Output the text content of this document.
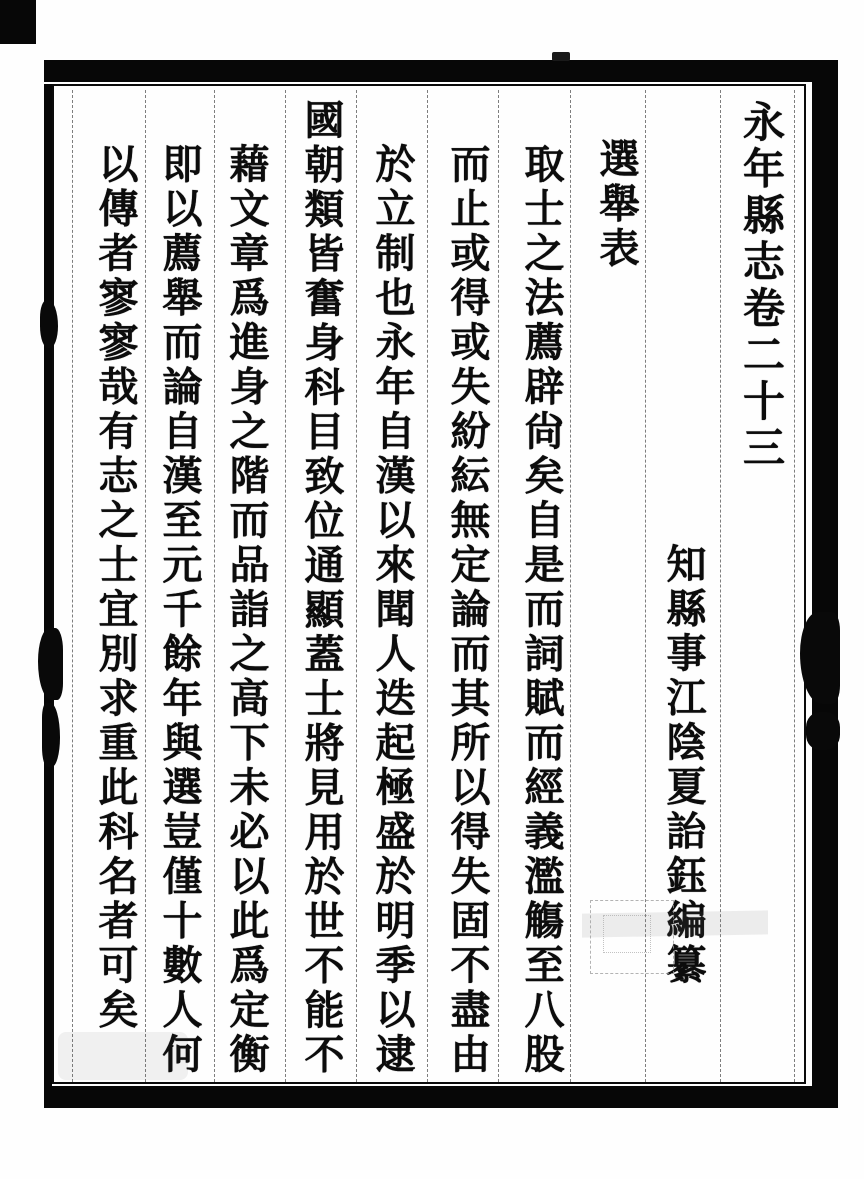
永年縣志卷二十三
知縣事江陰夏詒鈺編纂
選舉表
取士之法薦辟尙矣自是而詞賦而經義濫觴至八股
而止或得或失紛紜無定論而其所以得失固不盡由
於立制也永年自漢以來聞人迭起極盛於明季以逮
國朝類皆奮身科目致位通顯蓋士將見用於世不能不
藉文章爲進身之階而品詣之高下未必以此爲定衡
即以薦舉而論自漢至元千餘年與選豈僅十數人何
以傳者寥寥哉有志之士宜別求重此科名者可矣
